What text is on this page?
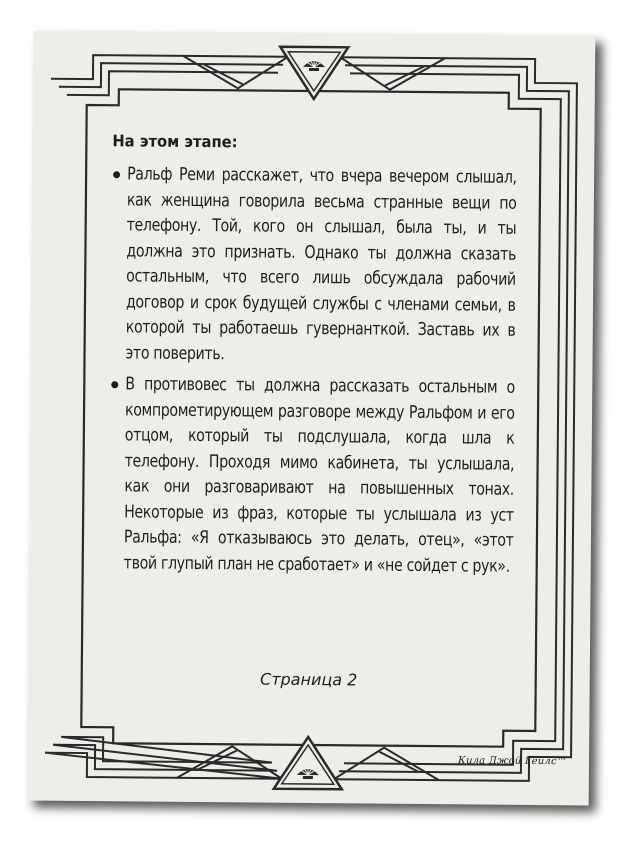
На этом этапе:
Ральф Реми расскажет, что вчера вечером слышал, как женщина говорила весьма странные вещи по телефону. Той, кого он слышал, была ты, и ты должна это признать. Однако ты должна сказать остальным, что всего лишь обсуждала рабочий договор и срок будущей службы с членами семьи, в которой ты работаешь гувернанткой. Заставь их в это поверить.
В противовес ты должна рассказать остальным о компрометирующем разговоре между Ральфом и его отцом, который ты подслушала, когда шла к телефону. Проходя мимо кабинета, ты услышала, как они разговаривают на повышенных тонах. Некоторые из фраз, которые ты услышала из уст Ральфа: «Я отказываюсь это делать, отец», «этот твой глупый план не сработает» и «не сойдет с рук».
Страница 2
Кила Джой Гейлс™
